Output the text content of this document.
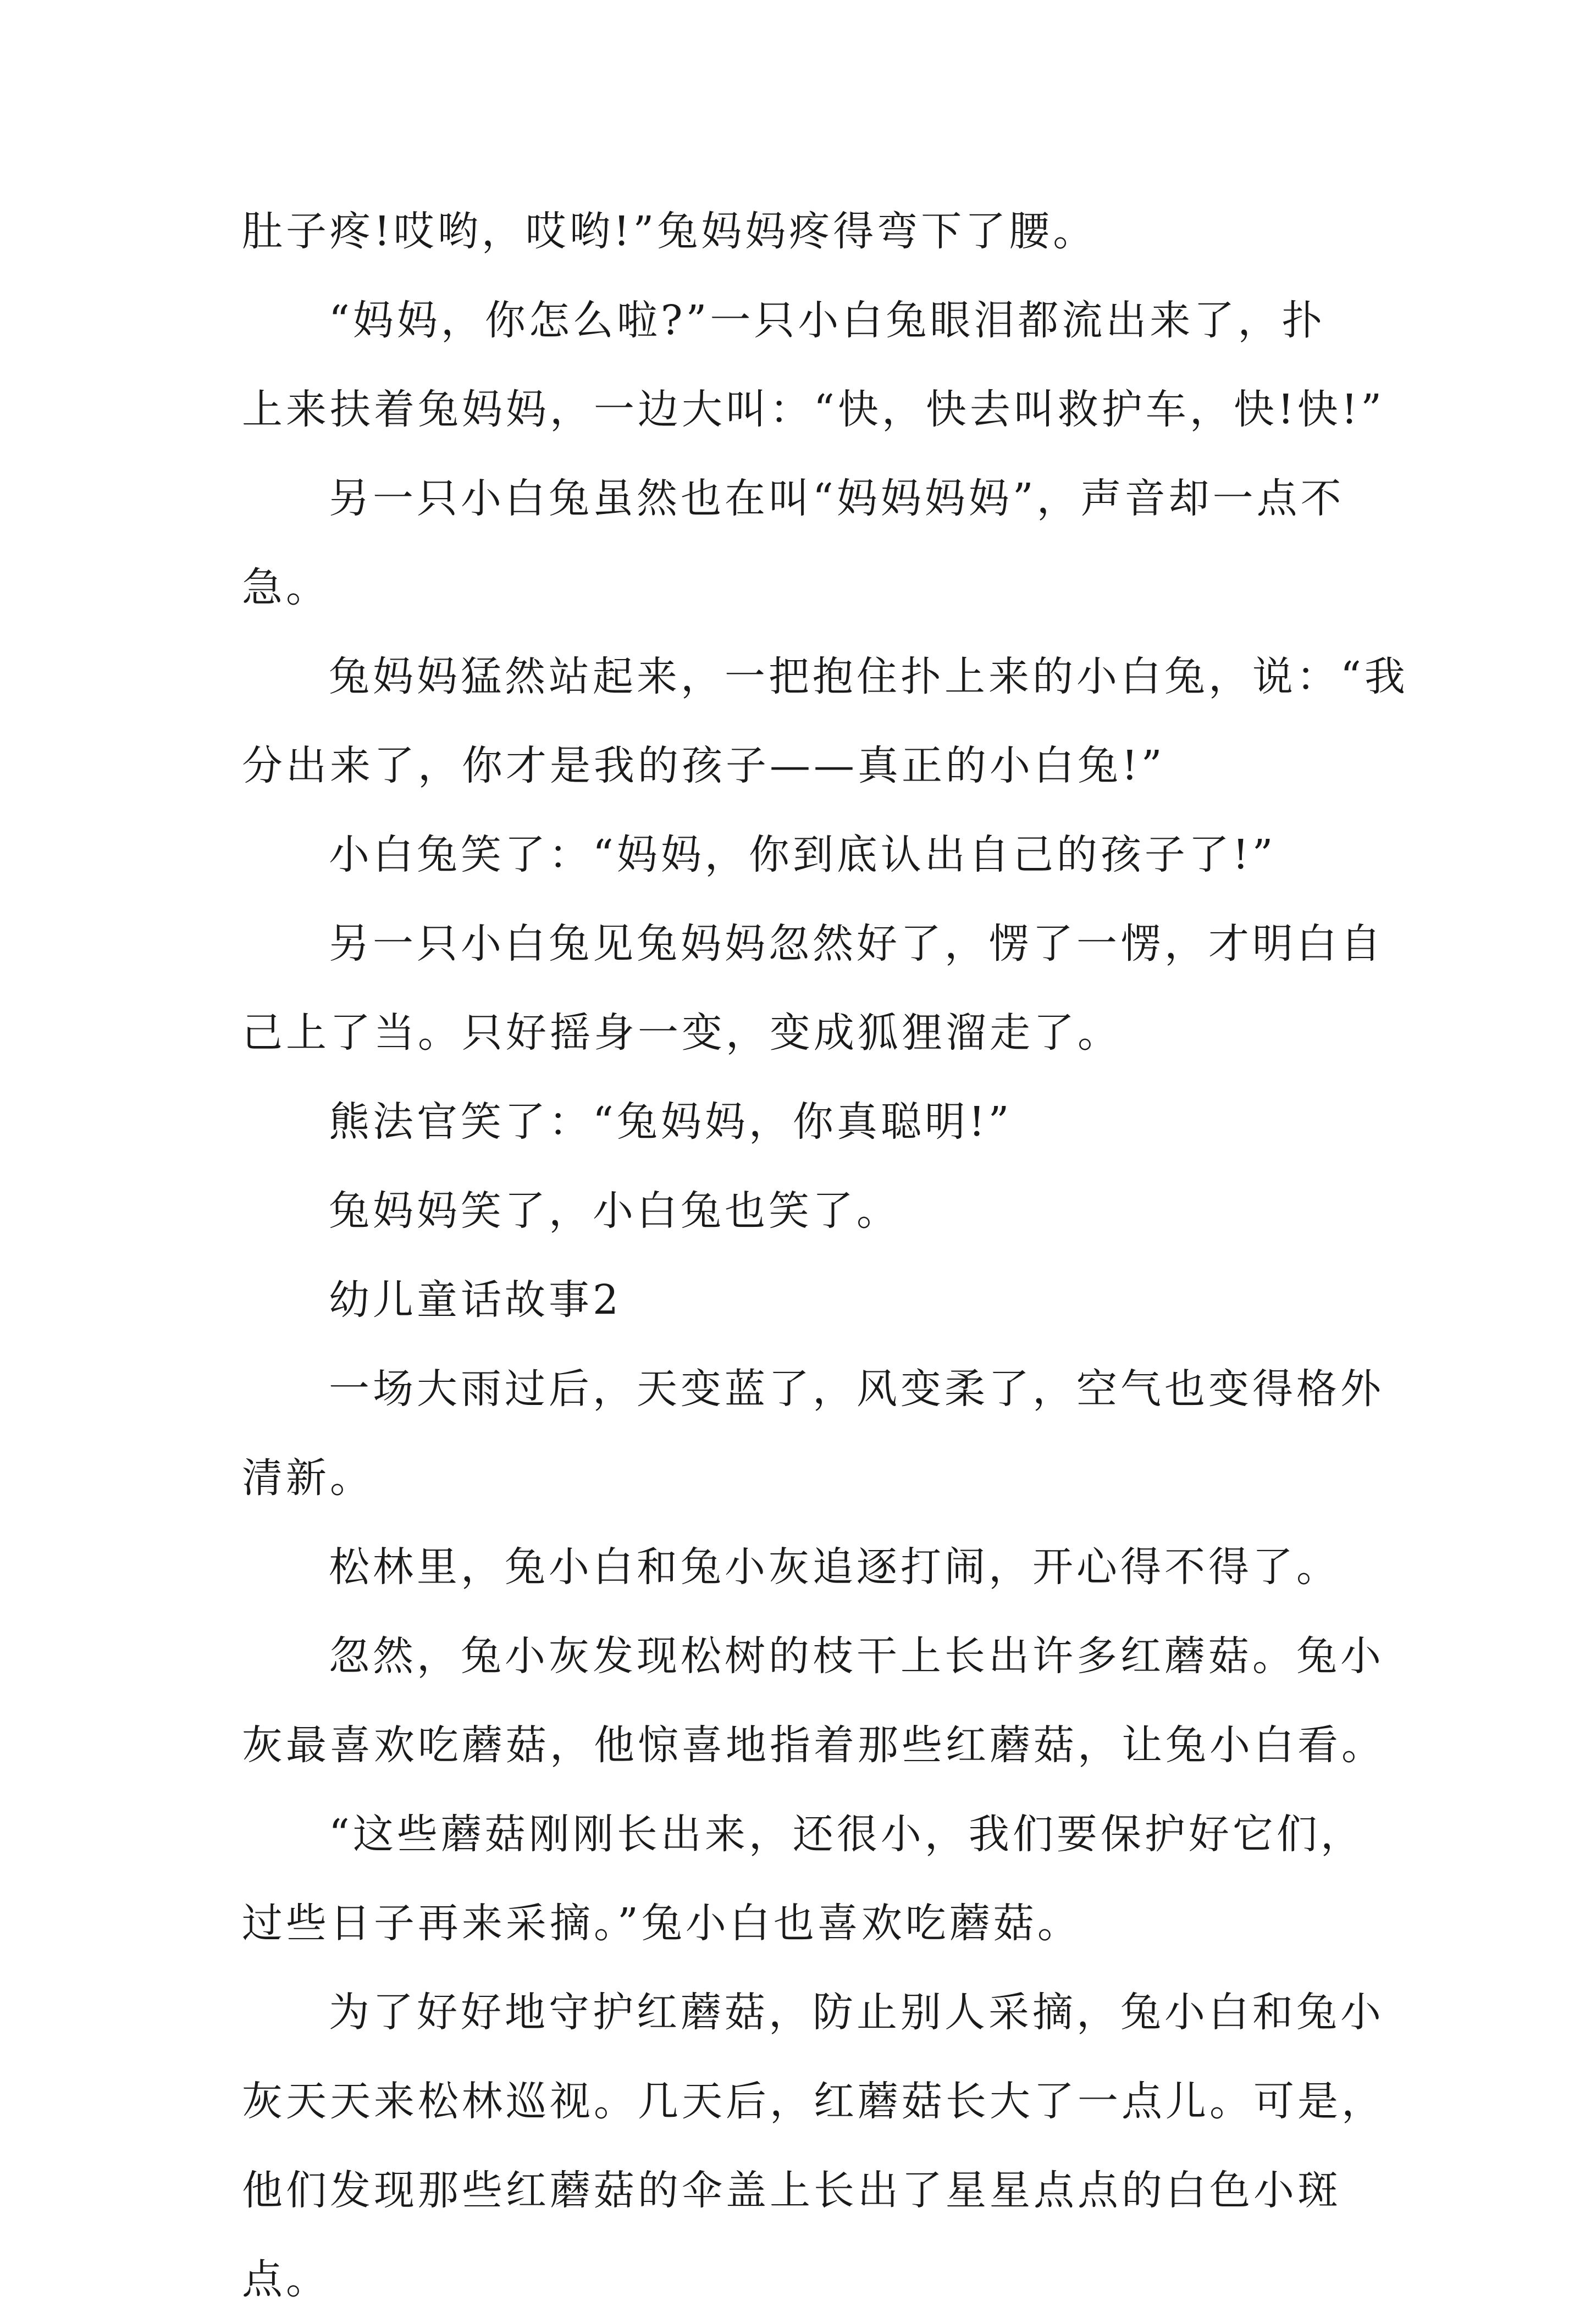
肚子疼!哎哟，哎哟!”兔妈妈疼得弯下了腰。
“妈妈，你怎么啦?”一只小白兔眼泪都流出来了，扑
上来扶着兔妈妈，一边大叫：“快，快去叫救护车，快!快!”
另一只小白兔虽然也在叫“妈妈妈妈”，声音却一点不
急。
兔妈妈猛然站起来，一把抱住扑上来的小白兔，说：“我
分出来了，你才是我的孩子——真正的小白兔!”
小白兔笑了：“妈妈，你到底认出自己的孩子了!”
另一只小白兔见兔妈妈忽然好了，愣了一愣，才明白自
己上了当。只好摇身一变，变成狐狸溜走了。
熊法官笑了：“兔妈妈，你真聪明!”
兔妈妈笑了，小白兔也笑了。
幼儿童话故事2
一场大雨过后，天变蓝了，风变柔了，空气也变得格外
清新。
松林里，兔小白和兔小灰追逐打闹，开心得不得了。
忽然，兔小灰发现松树的枝干上长出许多红蘑菇。兔小
灰最喜欢吃蘑菇，他惊喜地指着那些红蘑菇，让兔小白看。
“这些蘑菇刚刚长出来，还很小，我们要保护好它们，
过些日子再来采摘。”兔小白也喜欢吃蘑菇。
为了好好地守护红蘑菇，防止别人采摘，兔小白和兔小
灰天天来松林巡视。几天后，红蘑菇长大了一点儿。可是，
他们发现那些红蘑菇的伞盖上长出了星星点点的白色小斑
点。
